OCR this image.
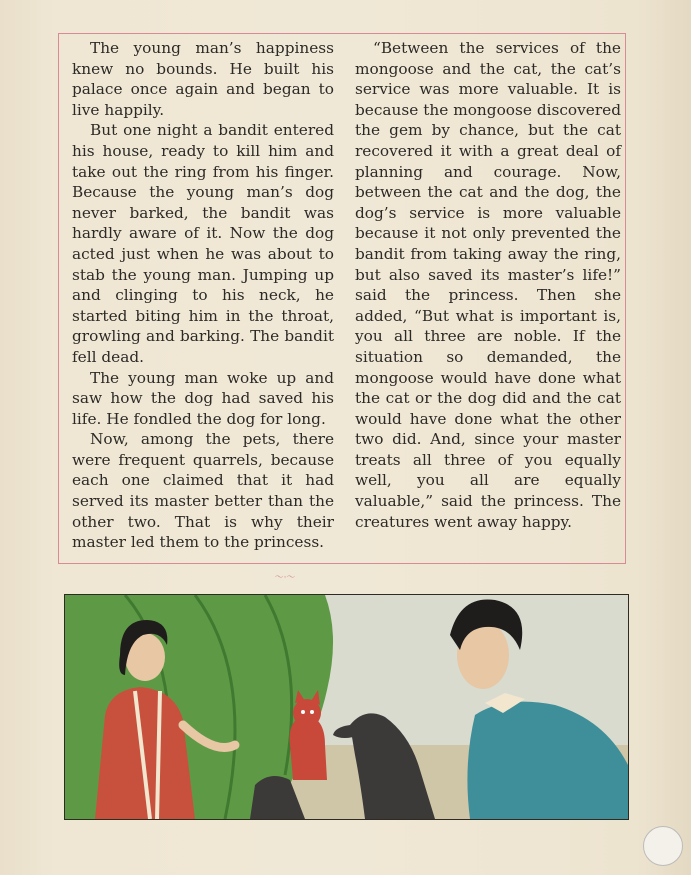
The young man’s happiness knew no bounds. He built his palace once again and began to live happily.

But one night a bandit entered his house, ready to kill him and take out the ring from his finger. Because the young man’s dog never barked, the bandit was hardly aware of it. Now the dog acted just when he was about to stab the young man. Jumping up and clinging to his neck, he started biting him in the throat, growling and barking. The bandit fell dead.

The young man woke up and saw how the dog had saved his life. He fondled the dog for long.

Now, among the pets, there were frequent quarrels, because each one claimed that it had served its master better than the other two. That is why their master led them to the princess.

“Between the services of the mongoose and the cat, the cat’s service was more valuable. It is because the mongoose discovered the gem by chance, but the cat recovered it with a great deal of planning and courage. Now, between the cat and the dog, the dog’s service is more valuable because it not only prevented the bandit from taking away the ring, but also saved its master’s life!” said the princess. Then she added, “But what is important is, you all three are noble. If the situation so demanded, the mongoose would have done what the cat or the dog did and the cat would have done what the other two did. And, since your master treats all three of you equally well, you all are equally valuable,” said the princess. The creatures went away happy.

〜·〜
